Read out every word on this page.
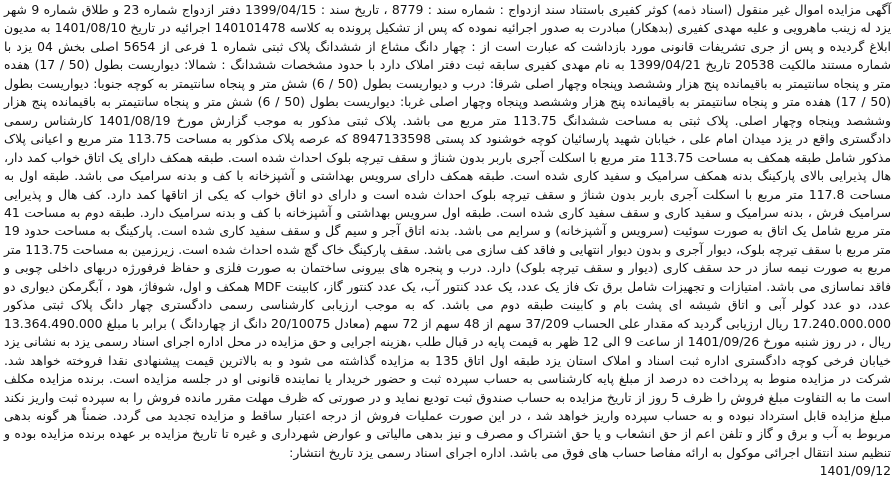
آگهی مزایده اموال غیر منقول (اسناد ذمه) کوثر کفیری باستناد سند ازدواج : شماره سند : 8779 ، تاریخ سند : 1399/04/15 دفتر ازدواج شماره 23 و طلاق شماره 9 شهر یزد له زینب ماهرویی و علیه مهدی کفیری (بدهکار) مبادرت به صدور اجرائیه نموده که پس از تشکیل پرونده به کلاسه 140101478 اجرائیه در تاریخ 1401/08/10 به مدیون ابلاغ گردیده و پس از جری تشریفات قانونی مورد بازداشت که عبارت است از : چهار دانگ مشاع از ششدانگ پلاک ثبتی شماره 1 فرعی از 5654 اصلی بخش 04 یزد با شماره مستند مالکیت 20538 تاریخ 1399/04/21 به نام مهدی کفیری سابقه ثبت دفتر املاک دارد با حدود مشخصات ششدانگ : شمالا: دیواریست بطول (50 / 17) هفده متر و پنجاه سانتیمتر به باقیمانده پنج هزار وششصد وپنجاه وچهار اصلی شرقا: درب و دیواریست بطول (50 / 6) شش متر و پنجاه سانتیمتر به کوچه جنوبا: دیواریست بطول (50 / 17) هفده متر و پنجاه سانتیمتر به باقیمانده پنج هزار وششصد وپنجاه وچهار اصلی غربا: دیواریست بطول (50 / 6) شش متر و پنجاه سانتیمتر به باقیمانده پنج هزار وششصد وپنجاه وچهار اصلی. پلاک ثبتی به مساحت ششدانگ 113.75 متر مربع می باشد. پلاک ثبتی مذکور به موجب گزارش مورخ 1401/08/19 کارشناس رسمی دادگستری واقع در یزد میدان امام علی ، خیابان شهید پارسائیان کوچه خوشنود کد پستی 8947133598 که عرصه پلاک مذکور به مساحت 113.75 متر مربع و اعیانی پلاک مذکور شامل طبقه همکف به مساحت 113.75 متر مربع با اسکلت آجری باربر بدون شناژ و سقف تیرچه بلوک احداث شده است. طبقه همکف دارای یک اتاق خواب کمد دار، هال پذیرایی بالای پارکینگ بدنه همکف سرامیک و سفید کاری شده است. طبقه همکف دارای سرویس بهداشتی و آشپزخانه با کف و بدنه سرامیک می باشد. طبقه اول به مساحت 117.8 متر مربع با اسکلت آجری باربر بدون شناژ و سقف تیرچه بلوک احداث شده است و دارای دو اتاق خواب که یکی از اتاقها کمد دارد. کف هال و پذیرایی سرامیک فرش ، بدنه سرامیک و سفید کاری و سقف سفید کاری شده است. طبقه اول سرویس بهداشتی و آشپزخانه با کف و بدنه سرامیک دارد. طبقه دوم به مساحت 41 متر مربع شامل یک اتاق به صورت سوئیت (سرویس و آشپزخانه) و سرایم می باشد. بدنه اتاق آجر و سیم گل و سقف سفید کاری شده است. پارکینگ به مساحت حدود 19 متر مربع با سقف تیرچه بلوک، دیوار آجری و بدون دیوار انتهایی و فاقد کف سازی می باشد. سقف پارکینگ خاک گچ شده احداث شده است. زیرزمین به مساحت 113.75 متر مربع به صورت نیمه ساز در حد سقف کاری (دیوار و سقف تیرچه بلوک) دارد. درب و پنجره های بیرونی ساختمان به صورت فلزی و حفاظ فرفورژه دربهای داخلی چوبی و فاقد نماسازی می باشد. امتیازات و تجهیزات شامل برق تک فاز یک عدد، یک عدد کنتور آب، یک عدد کنتور گاز، کابینت MDF همکف و اول، شوفاژ، هود ، آبگرمکن دیواری دو عدد، دو عدد کولر آبی و اتاق شیشه ای پشت بام و کابینت طبقه دوم می باشد. که به موجب ارزیابی کارشناسی رسمی دادگستری چهار دانگ پلاک ثبتی مذکور 17.240.000.000 ریال ارزیابی گردید که مقدار علی الحساب 37/209 سهم از 48 سهم از 72 سهم (معادل 20/10075 دانگ از چهاردانگ ) برابر با مبلغ 13.364.490.000 ریال ، در روز شنبه مورخ 1401/09/26 از ساعت 9 الی 12 ظهر به قیمت پایه در قبال طلب ،هزینه اجرایی و حق مزایده در محل اداره اجرای اسناد رسمی یزد به نشانی یزد خیابان فرخی کوچه دادگستری اداره ثبت اسناد و املاک استان یزد طبقه اول اتاق 135 به مزایده گذاشته می شود و به بالاترین قیمت پیشنهادی نقدا فروخته خواهد شد. شرکت در مزایده منوط به پرداخت ده درصد از مبلغ پایه کارشناسی به حساب سپرده ثبت و حضور خریدار یا نماینده قانونی او در جلسه مزایده است. برنده مزایده مکلف است ما به التفاوت مبلغ فروش را ظرف 5 روز از تاریخ مزایده به حساب صندوق ثبت تودیع نماید و در صورتی که ظرف مهلت مقرر مانده فروش را به سپرده ثبت واریز نکند مبلغ مزایده قابل استرداد نبوده و به حساب سپرده واریز خواهد شد ، در این صورت عملیات فروش از درجه اعتبار ساقط و مزایده تجدید می گردد. ضمناً هر گونه بدهی مربوط به آب و برق و گاز و تلفن اعم از حق انشعاب و یا حق اشتراک و مصرف و نیز بدهی مالیاتی و عوارض شهرداری و غیره تا تاریخ مزایده بر عهده برنده مزایده بوده و تنظیم سند انتقال اجرائی موکول به ارائه مفاصا حساب های فوق می باشد. اداره اجرای اسناد رسمی یزد تاریخ انتشار:
1401/09/12
